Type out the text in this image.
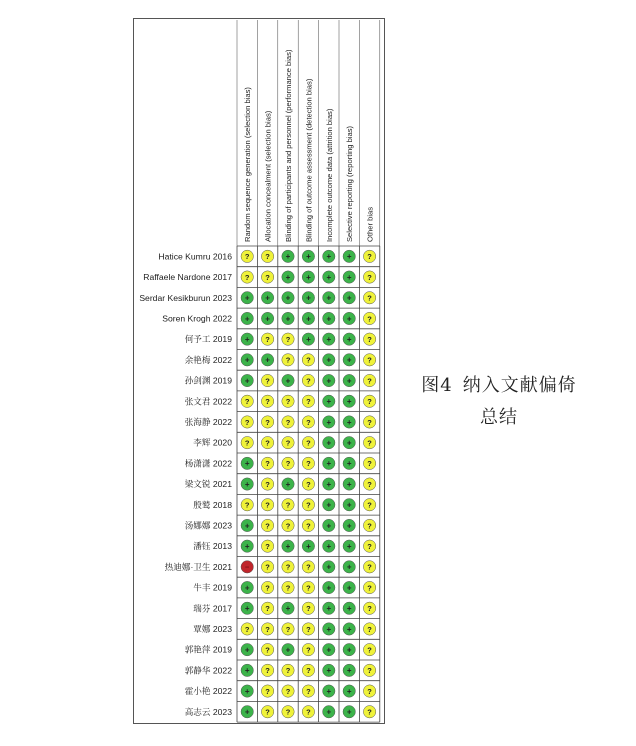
Random sequence generation (selection bias) Allocation concealment (selection bias) Blinding of participants and personnel (performance bias) Blinding of outcome assessment (detection bias) Incomplete outcome data (attrition bias) Selective reporting (reporting bias) Other bias
Hatice Kumru 2016
Raffaele Nardone 2017
Serdar Kesikburun 2023
Soren Krogh 2022
何予工 2019
余艳梅 2022
孙剑渊 2019
张文君 2022
张海静 2022
李辉 2020
杨潇潇 2022
梁文锐 2021
殷鹫 2018
汤娜娜 2023
潘钰 2013
热迪娜·卫生 2021
牛丰 2019
瑞芬 2017
覃娜 2023
郭艳萍 2019
郭静华 2022
霍小艳 2022
高志云 2023
? ? + + + + ?
? ? + + + + ?
+ + + + + + ?
+ + + + + + ?
+ ? ? + + + ?
+ + ? ? + + ?
+ ? + ? + + ?
? ? ? ? + + ?
? ? ? ? + + ?
? ? ? ? + + ?
+ ? ? ? + + ?
+ ? + ? + + ?
? ? ? ? + + ?
+ ? ? ? + + ?
+ ? + + + + ?
− ? ? ? + + ?
+ ? ? ? + + ?
+ ? + ? + + ?
? ? ? ? + + ?
+ ? + ? + + ?
+ ? ? ? + + ?
+ ? ? ? + + ?
+ ? ? ? + + ?
图4 纳入文献偏倚
总结
